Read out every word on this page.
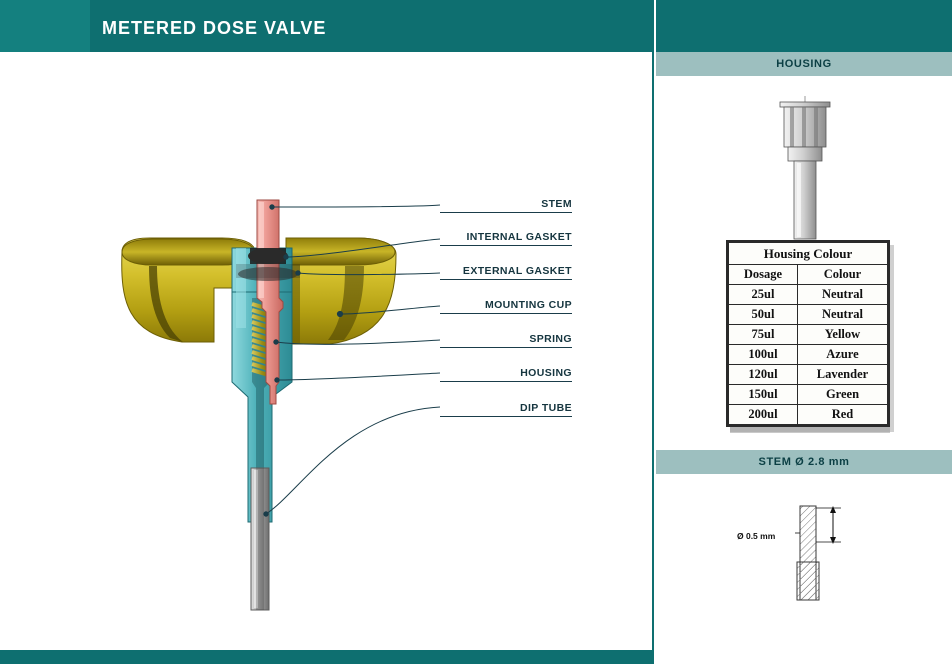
METERED DOSE VALVE
HOUSING
STEM Ø 2.8 mm
STEM
INTERNAL GASKET
EXTERNAL GASKET
MOUNTING CUP
SPRING
HOUSING
DIP TUBE
Housing Colour	
Dosage	Colour
25ul	Neutral
50ul	Neutral
75ul	Yellow
100ul	Azure
120ul	Lavender
150ul	Green
200ul	Red
Ø 0.5 mm
